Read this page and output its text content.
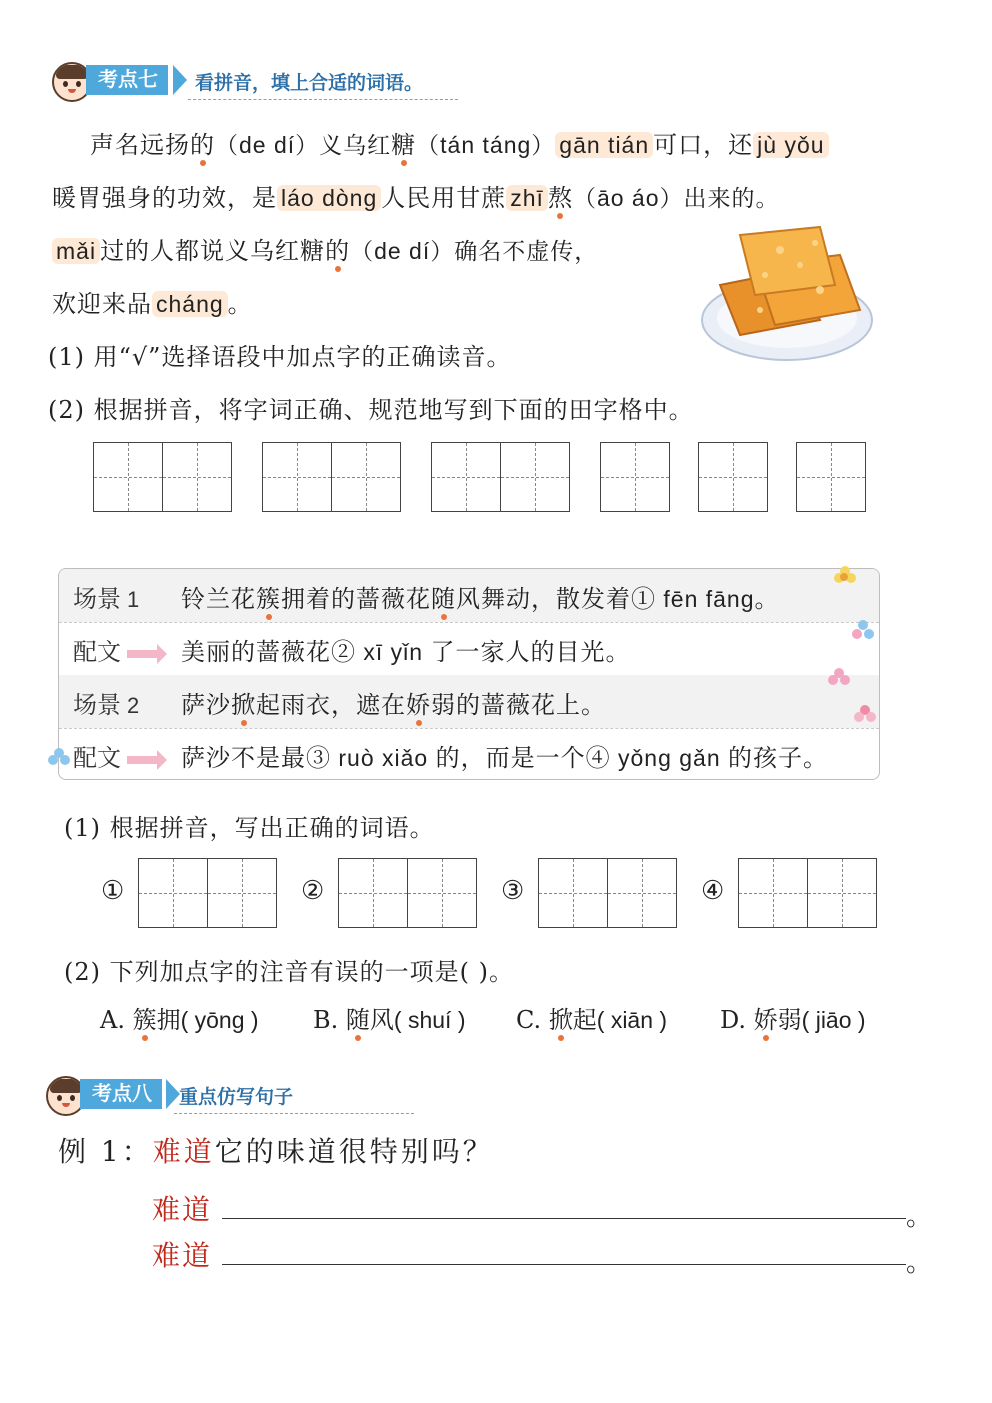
考点七	看拼音，填上合适的词语。
声名远扬的（de dí）义乌红糖（tán táng） gān tián 可口，还 jù yǒu
暖胃强身的功效，是 láo dòng 人民用甘蔗 zhī 熬（āo áo）出来的。
mǎi 过的人都说义乌红糖的（de dí）确名不虚传，
欢迎来品 cháng 。
(1) 用“√”选择语段中加点字的正确读音。
(2) 根据拼音，将字词正确、规范地写到下面的田字格中。
场景 1 铃兰花簇拥着的蔷薇花随风舞动，散发着① fēn fāng。
配文	美丽的蔷薇花② xī yǐn 了一家人的目光。
场景 2 萨沙掀起雨衣，遮在娇弱的蔷薇花上。
配文	萨沙不是最③ ruò xiǎo 的，而是一个④ yǒng gǎn 的孩子。
(1) 根据拼音，写出正确的词语。
①	②	③	④
(2) 下列加点字的注音有误的一项是( )。
A. 簇拥( yōng ) B. 随风( shuí ) C. 掀起( xiān ) D. 娇弱( jiāo )
考点八	重点仿写句子
例 1：难道它的味道很特别吗？
难道	。
难道	。
